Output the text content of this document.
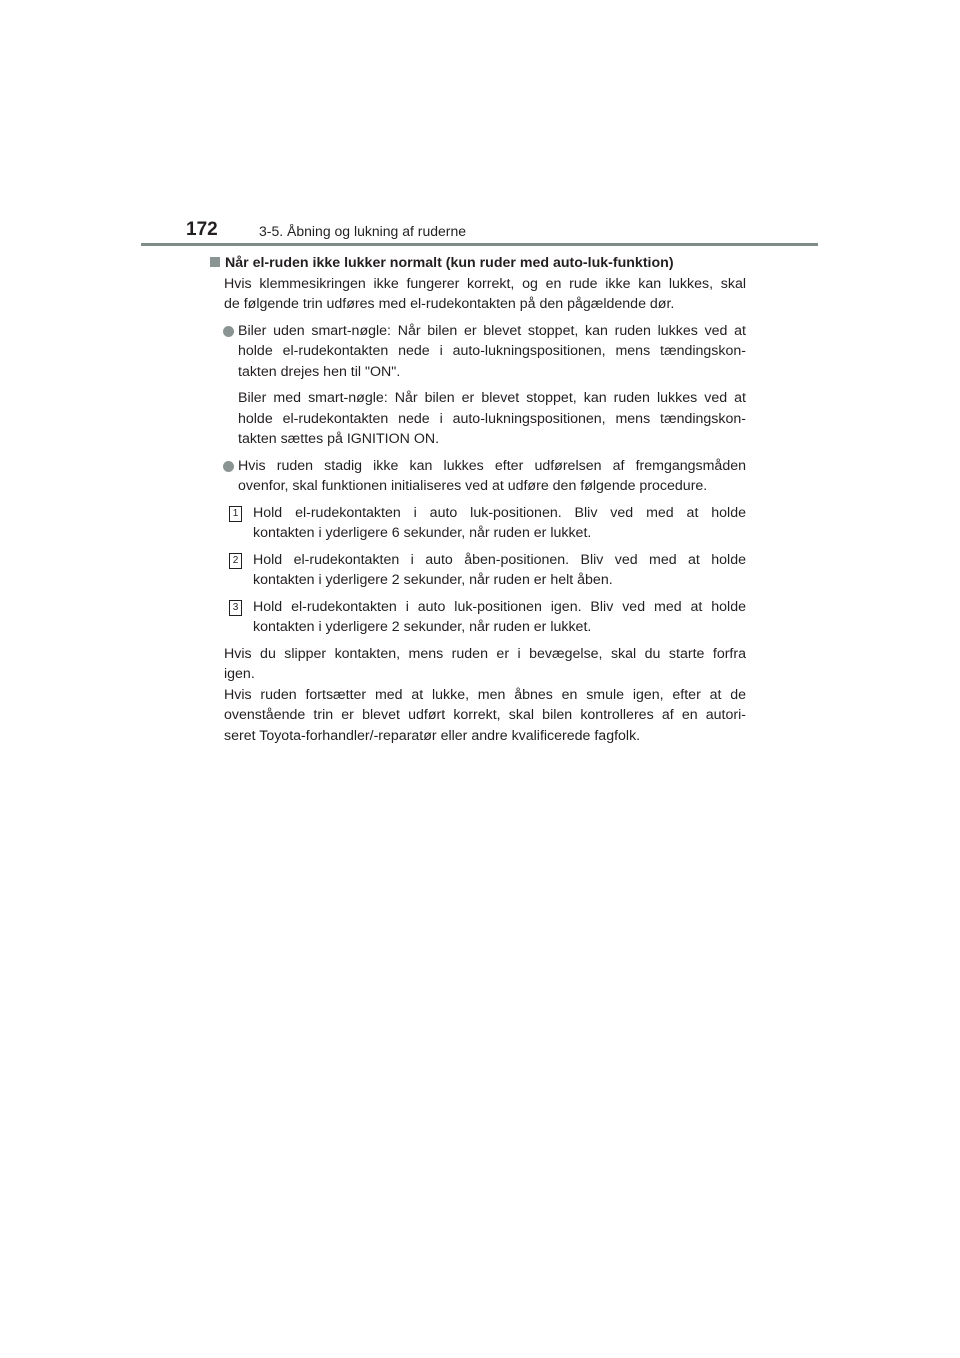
172	3-5. Åbning og lukning af ruderne

Når el-ruden ikke lukker normalt (kun ruder med auto-luk-funktion)

Hvis klemmesikringen ikke fungerer korrekt, og en rude ikke kan lukkes, skal
de følgende trin udføres med el-rudekontakten på den pågældende dør.

Biler uden smart-nøgle: Når bilen er blevet stoppet, kan ruden lukkes ved at
holde el-rudekontakten nede i auto-lukningspositionen, mens tændingskon-
takten drejes hen til "ON".
Biler med smart-nøgle: Når bilen er blevet stoppet, kan ruden lukkes ved at
holde el-rudekontakten nede i auto-lukningspositionen, mens tændingskon-
takten sættes på IGNITION ON.
Hvis ruden stadig ikke kan lukkes efter udførelsen af fremgangsmåden
ovenfor, skal funktionen initialiseres ved at udføre den følgende procedure.
1 Hold el-rudekontakten i auto luk-positionen. Bliv ved med at holde
kontakten i yderligere 6 sekunder, når ruden er lukket.
2 Hold el-rudekontakten i auto åben-positionen. Bliv ved med at holde
kontakten i yderligere 2 sekunder, når ruden er helt åben.
3 Hold el-rudekontakten i auto luk-positionen igen. Bliv ved med at holde
kontakten i yderligere 2 sekunder, når ruden er lukket.

Hvis du slipper kontakten, mens ruden er i bevægelse, skal du starte forfra
igen.
Hvis ruden fortsætter med at lukke, men åbnes en smule igen, efter at de
ovenstående trin er blevet udført korrekt, skal bilen kontrolleres af en autori-
seret Toyota-forhandler/-reparatør eller andre kvalificerede fagfolk.
